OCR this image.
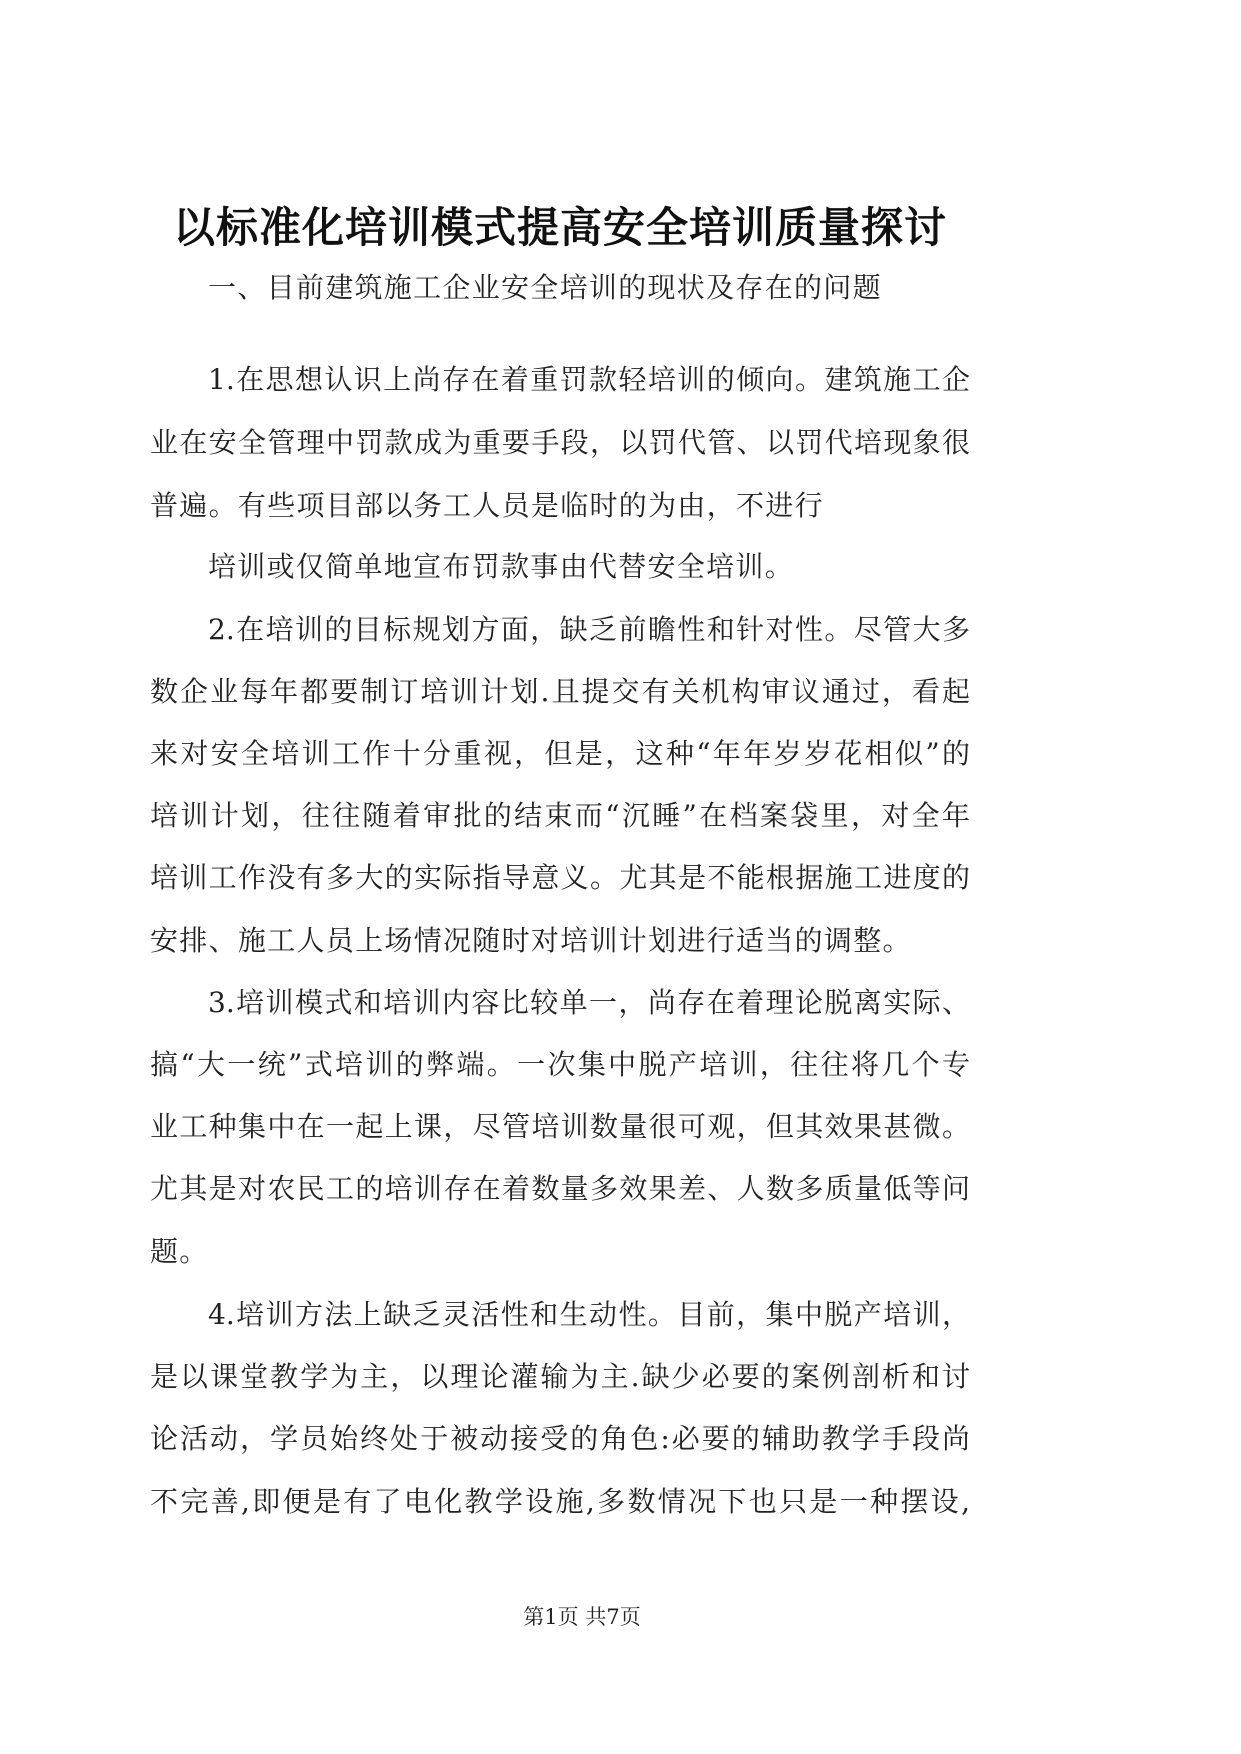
以标准化培训模式提高安全培训质量探讨
一、目前建筑施工企业安全培训的现状及存在的问题
1.在思想认识上尚存在着重罚款轻培训的倾向。建筑施工企
业在安全管理中罚款成为重要手段，以罚代管、以罚代培现象很
普遍。有些项目部以务工人员是临时的为由，不进行
培训或仅简单地宣布罚款事由代替安全培训。
2.在培训的目标规划方面，缺乏前瞻性和针对性。尽管大多
数企业每年都要制订培训计划.且提交有关机构审议通过，看起
来对安全培训工作十分重视，但是，这种“年年岁岁花相似”的
培训计划，往往随着审批的结束而“沉睡”在档案袋里，对全年
培训工作没有多大的实际指导意义。尤其是不能根据施工进度的
安排、施工人员上场情况随时对培训计划进行适当的调整。
3.培训模式和培训内容比较单一，尚存在着理论脱离实际、
搞“大一统”式培训的弊端。一次集中脱产培训，往往将几个专
业工种集中在一起上课，尽管培训数量很可观，但其效果甚微。
尤其是对农民工的培训存在着数量多效果差、人数多质量低等问
题。
4.培训方法上缺乏灵活性和生动性。目前，集中脱产培训，
是以课堂教学为主，以理论灌输为主.缺少必要的案例剖析和讨
论活动，学员始终处于被动接受的角色:必要的辅助教学手段尚
不完善,即便是有了电化教学设施,多数情况下也只是一种摆设,
第1页 共7页
